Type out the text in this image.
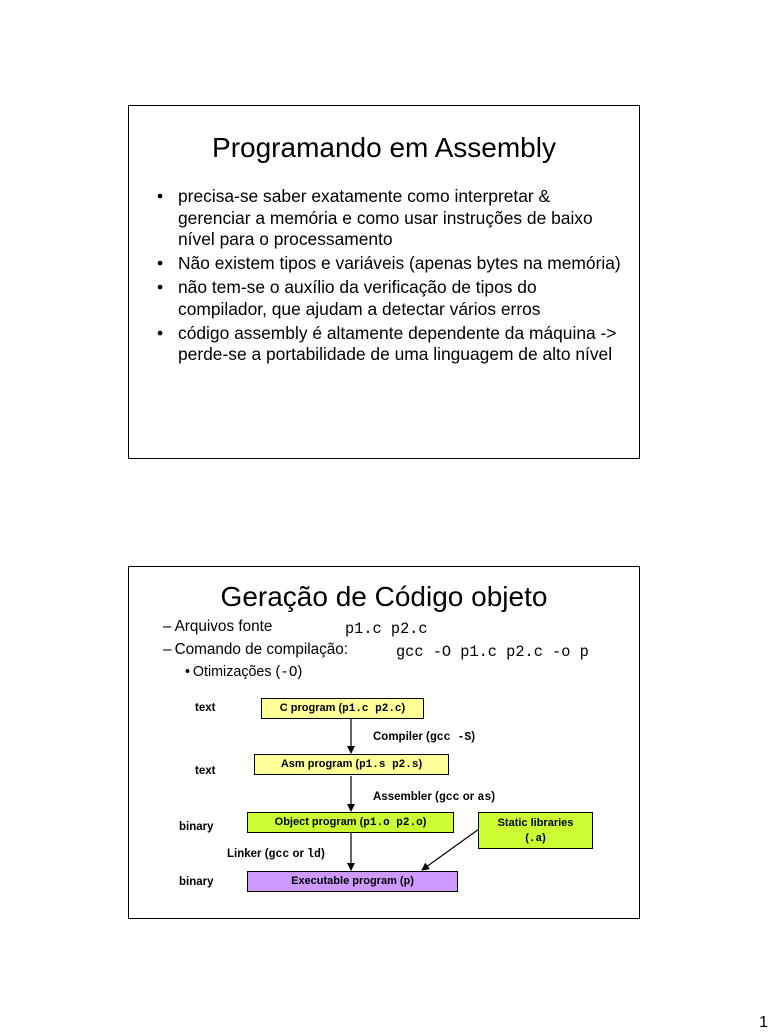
Programando em Assembly
• precisa-se saber exatamente como interpretar & gerenciar a memória e como usar instruções de baixo nível para o processamento
• Não existem tipos e variáveis (apenas bytes na memória)
• não tem-se o auxílio da verificação de tipos do compilador, que ajudam a detectar vários erros
• código assembly é altamente dependente da máquina -> perde-se a portabilidade de uma linguagem de alto nível
Geração de Código objeto
– Arquivos fonte	p1.c p2.c
– Comando de compilação:	gcc -O p1.c p2.c -o p
• Otimizações (-O)
text
text
binary
binary
C program (p1.c p2.c)
Compiler (gcc -S)
Asm program (p1.s p2.s)
Assembler (gcc or as)
Object program (p1.o p2.o)	Static libraries
(.a)
Linker (gcc or ld)
Executable program (p)
1
